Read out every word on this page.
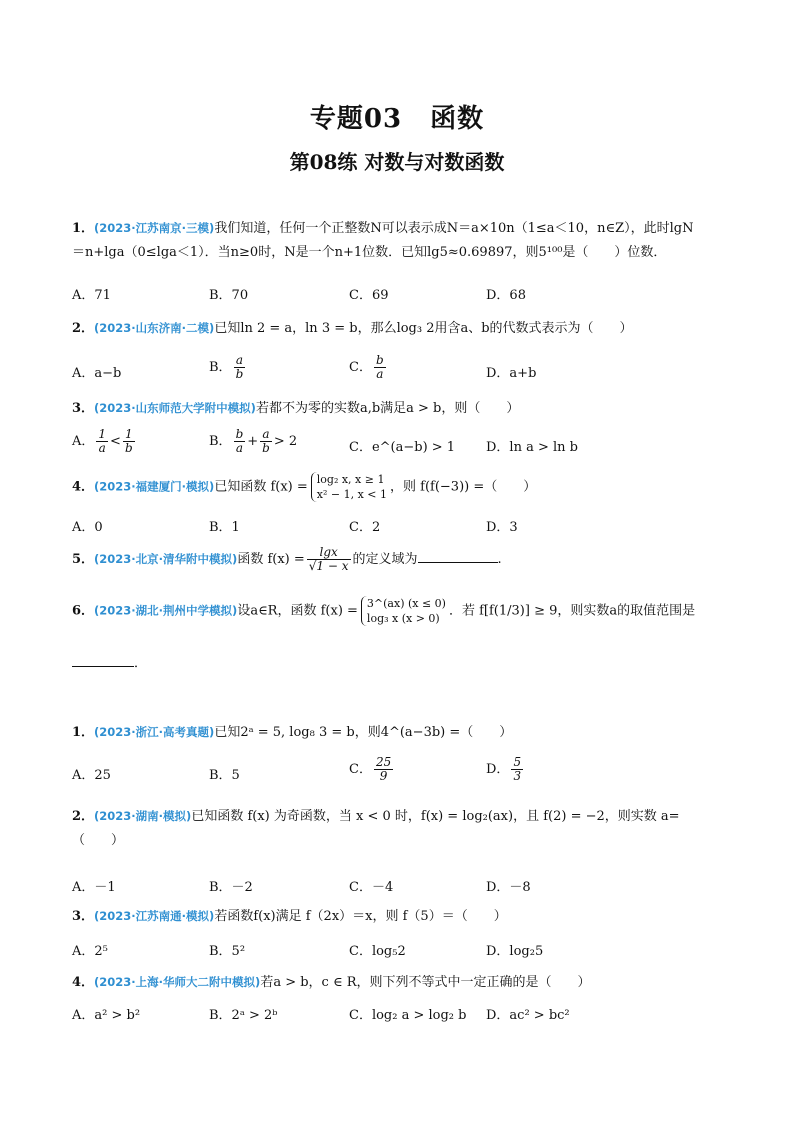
专题03 函数
第08练 对数与对数函数
1．(2023·江苏南京·三模)我们知道，任何一个正整数N可以表示成N＝a×10n（1≤a＜10，n∈Z），此时lgN
＝n+lga（0≤lga＜1）．当n≥0时，N是一个n+1位数．已知lg5≈0.69897，则5¹⁰⁰是（　　）位数．
A．71	B．70	C．69	D．68
2．(2023·山东济南·二模)已知ln 2 = a，ln 3 = b，那么log₃ 2用含a、b的代数式表示为（　　）
A．a−b	B． $\frac{a}{b}$	C． $\frac{b}{a}$	D．a+b
3．(2023·山东师范大学附中模拟)若都不为零的实数a,b满足a > b，则（　　）
A． $\frac{1}{a} < \frac{1}{b}$	B． $\frac{b}{a} + \frac{a}{b} > 2$	C．e^(a−b) > 1 D．ln a > ln b
4．(2023·福建厦门·模拟)已知函数 f(x) = log₂ x, x ≥ 1
x² − 1, x < 1 ，则 f(f(−3)) =（　　）
A．0	B．1	C．2	D．3
5．(2023·北京·清华附中模拟)函数 $f(x) = \frac{\lg x}{√1 - x}$ 的定义域为	.
6．(2023·湖北·荆州中学模拟)设a∈R，函数 f(x) = 3^(ax) (x ≤ 0)
log₃ x (x > 0) ．若 f[f(1/3)] ≥ 9，则实数a的取值范围是
．
1．(2023·浙江·高考真题)已知2ᵃ = 5, log₈ 3 = b，则4^(a−3b) =（　　）
A．25	B．5	C． $\frac{25}{9}$	D． $\frac{5}{3}$
2．(2023·湖南·模拟)已知函数 f(x) 为奇函数，当 x < 0 时，f(x) = log₂(ax)，且 f(2) = −2，则实数 a=
（　　）
A．－1	B．－2	C．－4	D．－8
3．(2023·江苏南通·模拟)若函数f(x)满足 f（2x）＝x，则 f（5）＝（　　）
A．2⁵	B．5²	C．log₅2	D．log₂5
4．(2023·上海·华师大二附中模拟)若a > b，c ∈ R，则下列不等式中一定正确的是（　　）
A．a² > b²	B．2ᵃ > 2ᵇ	C．log₂ a > log₂ b D．ac² > bc²
